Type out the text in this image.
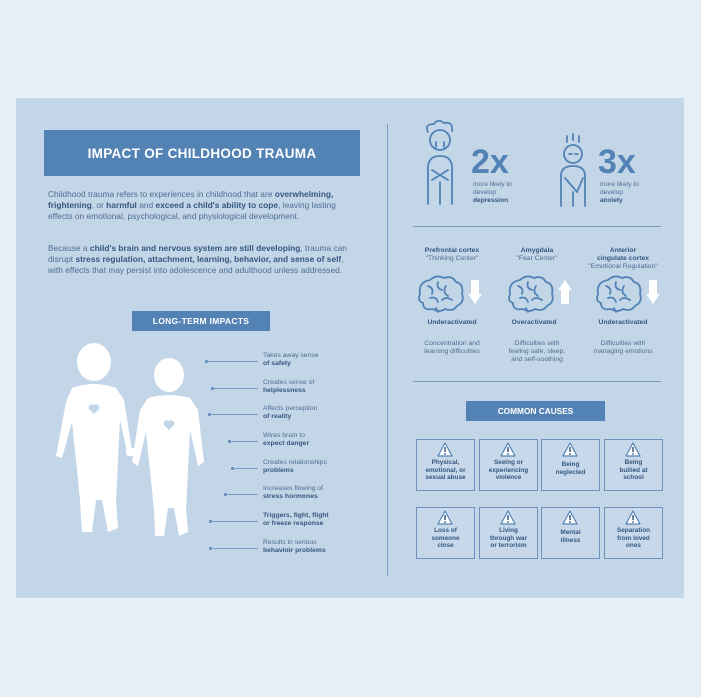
IMPACT OF CHILDHOOD TRAUMA
Childhood trauma refers to experiences in childhood that are overwhelming, frightening, or harmful and exceed a child's ability to cope, leaving lasting effects on emotional, psychological, and physiological development.
Because a child's brain and nervous system are still developing, trauma can disrupt stress regulation, attachment, learning, behavior, and sense of self, with effects that may persist into adolescence and adulthood unless addressed.
LONG-TERM IMPACTS
Takes away sense
of safety
Creates sense of
helplessness
Affects perception
of reality
Wires brain to
expect danger
Creates relationships
problems
Increases flowing of
stress hormones
Triggers, fight, flight
or freeze response
Results in serious
behavioir problems
2x
more likely to
develop
depression
3x
more likely to
develop
anxiety
Prefrontal cortex
"Thinking Center"
Amygdala
"Fear Center"
Anterior
cingulate cortex
"Emotional Regulation"
Underactivated	Overactivated	Underactivated
Concentration and
learning difficulties
Difficulties with
feeling safe, sleep,
and self-soothing
Difficulties with
managing emotions
COMMON CAUSES
Physical,
emotional, or
sexual abuse
Seeing or
experiencing
violence
Being
neglected
Being
bullied at
school
Loss of
someone
close
Living
through war
or terrorism
Mental
illness
Separation
from loved
ones
